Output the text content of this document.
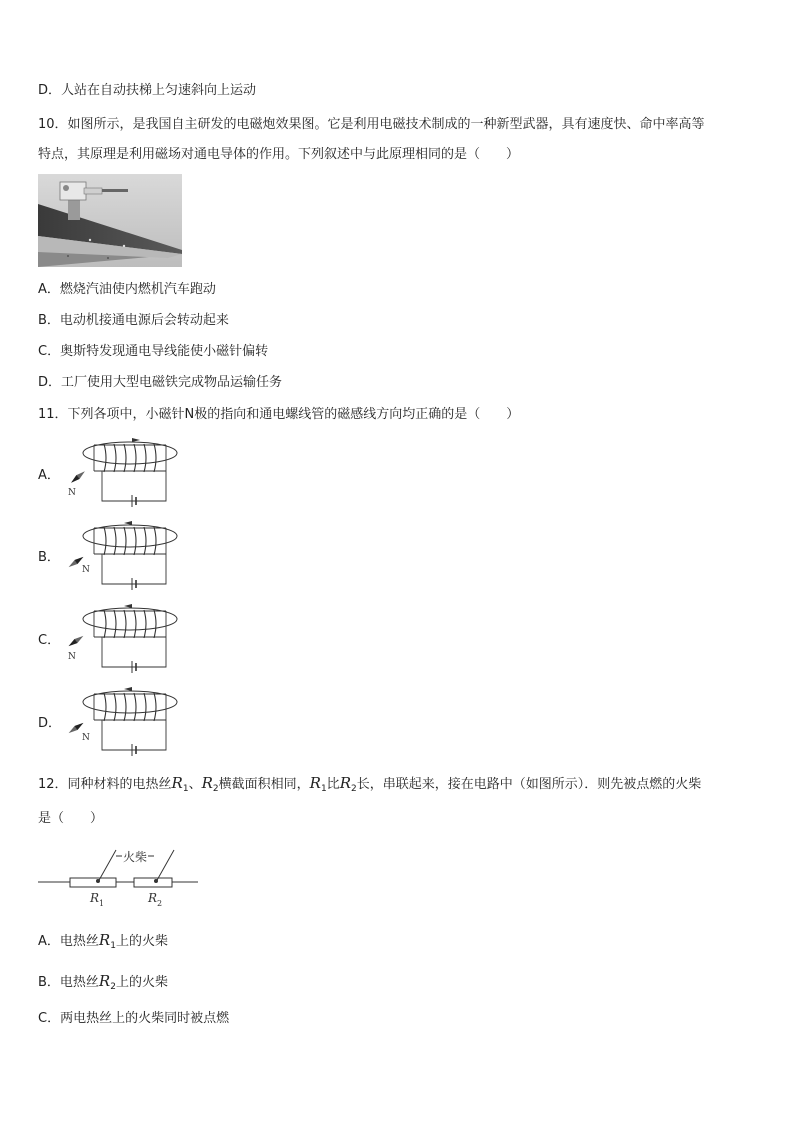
D．人站在自动扶梯上匀速斜向上运动
10．如图所示，是我国自主研发的电磁炮效果图。它是利用电磁技术制成的一种新型武器，具有速度快、命中率高等
特点，其原理是利用磁场对通电导体的作用。下列叙述中与此原理相同的是（　　）
A．燃烧汽油使内燃机汽车跑动
B．电动机接通电源后会转动起来
C．奥斯特发现通电导线能使小磁针偏转
D．工厂使用大型电磁铁完成物品运输任务
11．下列各项中，小磁针N极的指向和通电螺线管的磁感线方向均正确的是（　　）
A．
N
B．
N
C．
N
D．
N
12．同种材料的电热丝$R_1$、$R_2$横截面积相同，$R_1$比$R_2$长，串联起来，接在电路中（如图所示）．则先被点燃的火柴
是（　　）
火柴
R 1	R 2
A．电热丝$R_1$上的火柴
B．电热丝$R_2$上的火柴
C．两电热丝上的火柴同时被点燃
